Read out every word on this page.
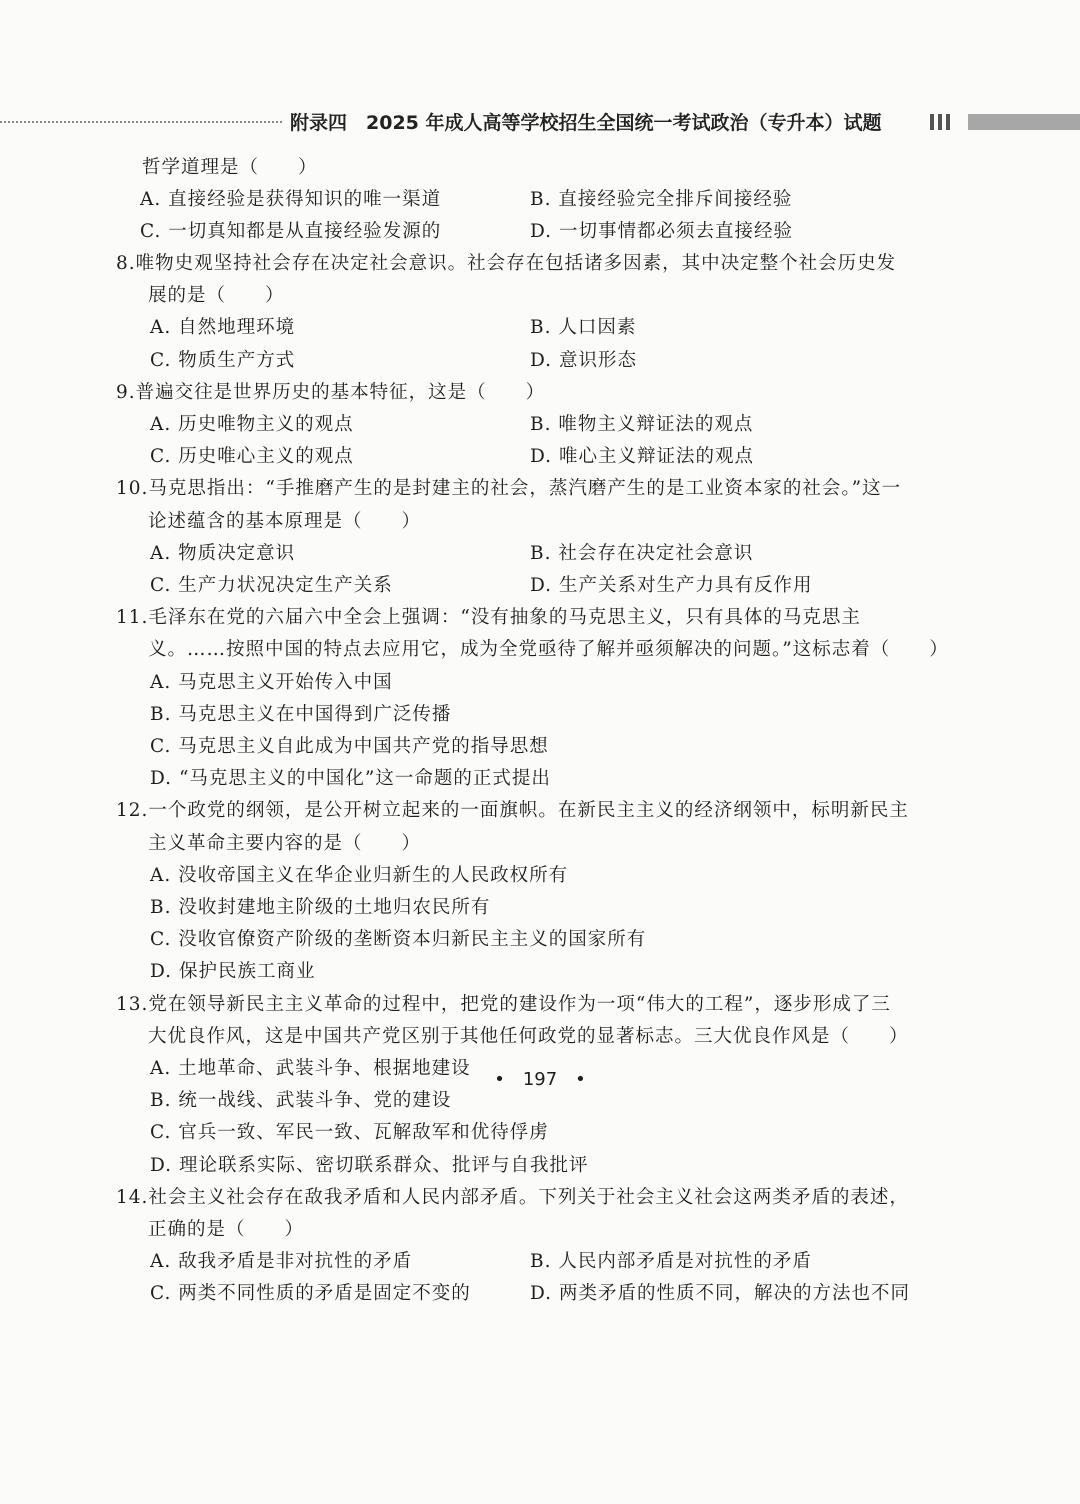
附录四　2025 年成人高等学校招生全国统一考试政治（专升本）试题
哲学道理是（　　）
A. 直接经验是获得知识的唯一渠道	B. 直接经验完全排斥间接经验
C. 一切真知都是从直接经验发源的	D. 一切事情都必须去直接经验
8.唯物史观坚持社会存在决定社会意识。社会存在包括诸多因素，其中决定整个社会历史发
展的是（　　）
A. 自然地理环境	B. 人口因素
C. 物质生产方式	D. 意识形态
9.普遍交往是世界历史的基本特征，这是（　　）
A. 历史唯物主义的观点	B. 唯物主义辩证法的观点
C. 历史唯心主义的观点	D. 唯心主义辩证法的观点
10.马克思指出：“手推磨产生的是封建主的社会，蒸汽磨产生的是工业资本家的社会。”这一
论述蕴含的基本原理是（　　）
A. 物质决定意识	B. 社会存在决定社会意识
C. 生产力状况决定生产关系	D. 生产关系对生产力具有反作用
11.毛泽东在党的六届六中全会上强调：“没有抽象的马克思主义，只有具体的马克思主
义。……按照中国的特点去应用它，成为全党亟待了解并亟须解决的问题。”这标志着（　　）
A. 马克思主义开始传入中国
B. 马克思主义在中国得到广泛传播
C. 马克思主义自此成为中国共产党的指导思想
D. “马克思主义的中国化”这一命题的正式提出
12.一个政党的纲领，是公开树立起来的一面旗帜。在新民主主义的经济纲领中，标明新民主
主义革命主要内容的是（　　）
A. 没收帝国主义在华企业归新生的人民政权所有
B. 没收封建地主阶级的土地归农民所有
C. 没收官僚资产阶级的垄断资本归新民主主义的国家所有
D. 保护民族工商业
13.党在领导新民主主义革命的过程中，把党的建设作为一项“伟大的工程”，逐步形成了三
大优良作风，这是中国共产党区别于其他任何政党的显著标志。三大优良作风是（　　）
A. 土地革命、武装斗争、根据地建设
B. 统一战线、武装斗争、党的建设
C. 官兵一致、军民一致、瓦解敌军和优待俘虏
D. 理论联系实际、密切联系群众、批评与自我批评
14.社会主义社会存在敌我矛盾和人民内部矛盾。下列关于社会主义社会这两类矛盾的表述，
正确的是（　　）
A. 敌我矛盾是非对抗性的矛盾	B. 人民内部矛盾是对抗性的矛盾
C. 两类不同性质的矛盾是固定不变的	D. 两类矛盾的性质不同，解决的方法也不同
•　197　•
